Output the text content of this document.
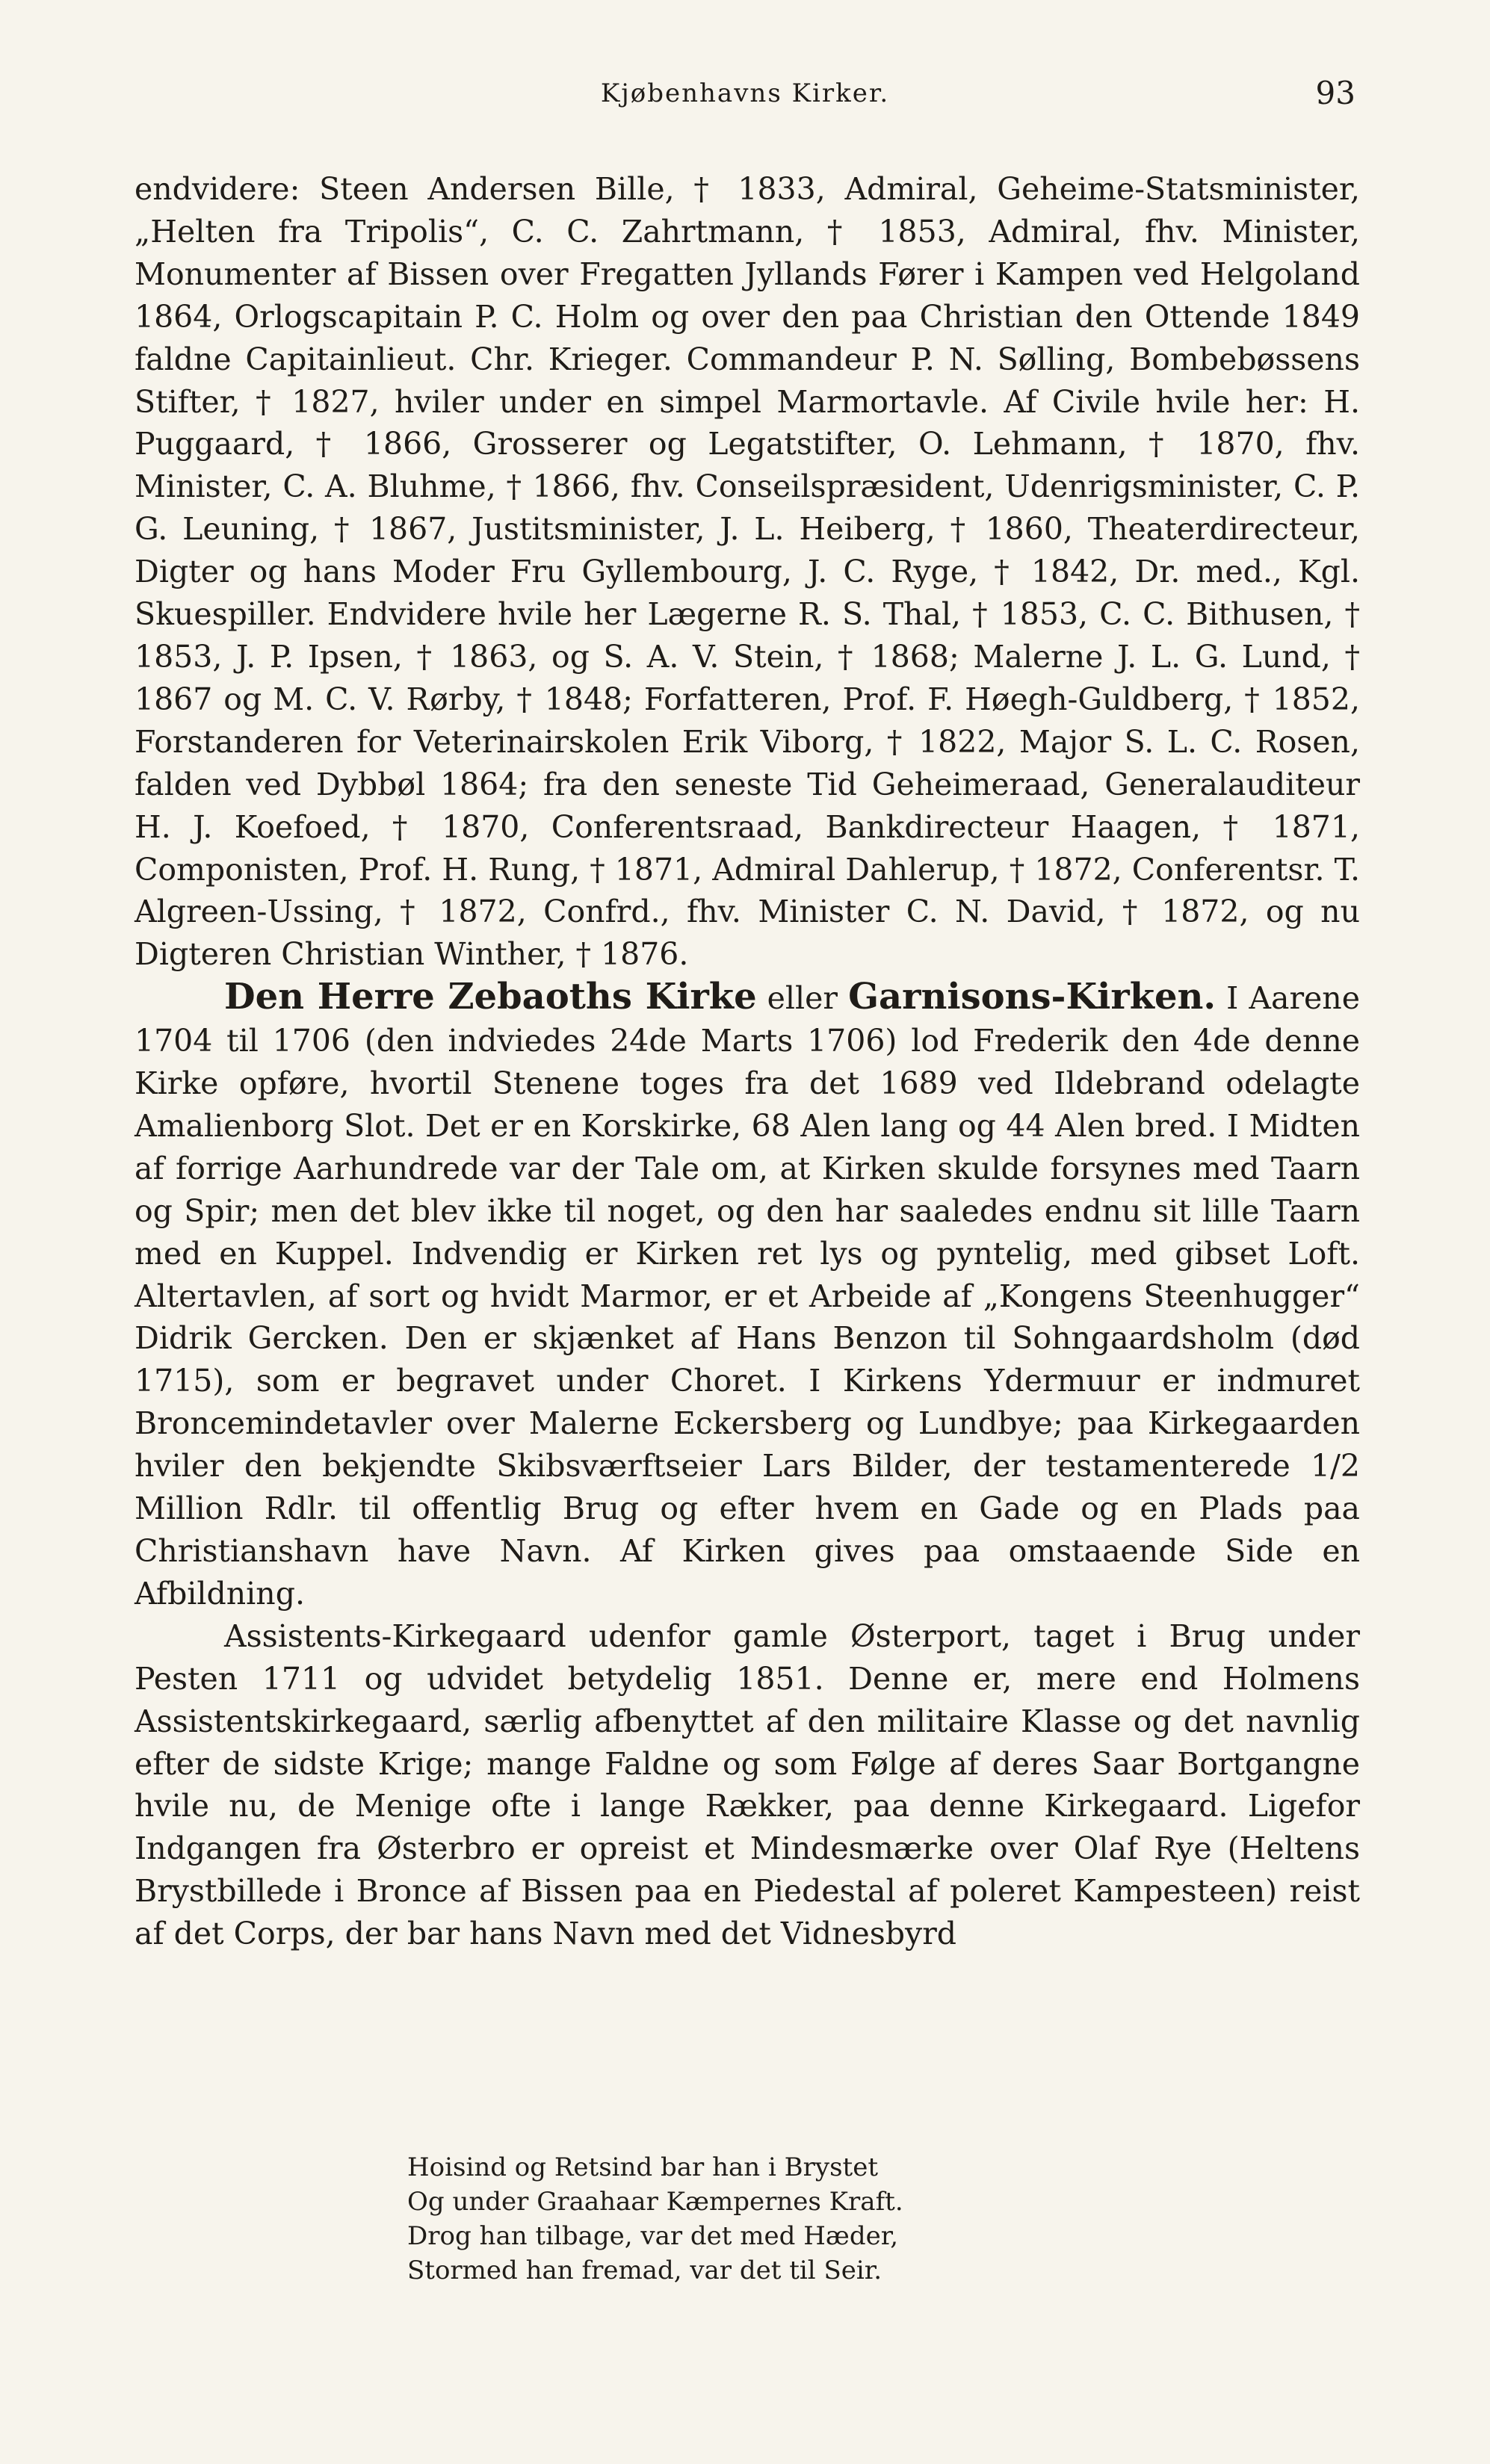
Kjøbenhavns Kirker.	93

endvidere: Steen Andersen Bille, † 1833, Admiral, Geheime-Statsminister, „Helten fra Tripolis“, C. C. Zahrtmann, † 1853, Admiral, fhv. Minister, Monumenter af Bissen over Fregatten Jyllands Fører i Kampen ved Helgoland 1864, Orlogscapitain P. C. Holm og over den paa Christian den Ottende 1849 faldne Capitainlieut. Chr. Krieger. Commandeur P. N. Sølling, Bombebøssens Stifter, † 1827, hviler under en simpel Marmortavle. Af Civile hvile her: H. Puggaard, † 1866, Grosserer og Legatstifter, O. Lehmann, † 1870, fhv. Minister, C. A. Bluhme, † 1866, fhv. Conseilspræsident, Udenrigsminister, C. P. G. Leuning, † 1867, Justitsminister, J. L. Heiberg, † 1860, Theaterdirecteur, Digter og hans Moder Fru Gyllembourg, J. C. Ryge, † 1842, Dr. med., Kgl. Skuespiller. Endvidere hvile her Lægerne R. S. Thal, † 1853, C. C. Bithusen, † 1853, J. P. Ipsen, † 1863, og S. A. V. Stein, † 1868; Malerne J. L. G. Lund, † 1867 og M. C. V. Rørby, † 1848; Forfatteren, Prof. F. Høegh-Guldberg, † 1852, Forstanderen for Veterinairskolen Erik Viborg, † 1822, Major S. L. C. Rosen, falden ved Dybbøl 1864; fra den seneste Tid Geheimeraad, Generalauditeur H. J. Koefoed, † 1870, Conferentsraad, Bankdirecteur Haagen, † 1871, Componisten, Prof. H. Rung, † 1871, Admiral Dahlerup, † 1872, Conferentsr. T. Algreen-Ussing, † 1872, Confrd., fhv. Minister C. N. David, † 1872, og nu Digteren Christian Winther, † 1876.

Den Herre Zebaoths Kirke eller Garnisons-Kirken. I Aarene 1704 til 1706 (den indviedes 24de Marts 1706) lod Frederik den 4de denne Kirke opføre, hvortil Stenene toges fra det 1689 ved Ildebrand odelagte Amalienborg Slot. Det er en Korskirke, 68 Alen lang og 44 Alen bred. I Midten af forrige Aarhundrede var der Tale om, at Kirken skulde forsynes med Taarn og Spir; men det blev ikke til noget, og den har saaledes endnu sit lille Taarn med en Kuppel. Indvendig er Kirken ret lys og pyntelig, med gibset Loft. Altertavlen, af sort og hvidt Marmor, er et Arbeide af „Kongens Steenhugger“ Didrik Gercken. Den er skjænket af Hans Benzon til Sohngaardsholm (død 1715), som er begravet under Choret. I Kirkens Ydermuur er indmuret Broncemindetavler over Malerne Eckersberg og Lundbye; paa Kirkegaarden hviler den bekjendte Skibsværftseier Lars Bilder, der testamenterede 1/2 Million Rdlr. til offentlig Brug og efter hvem en Gade og en Plads paa Christianshavn have Navn. Af Kirken gives paa omstaaende Side en Afbildning.

Assistents-Kirkegaard udenfor gamle Østerport, taget i Brug under Pesten 1711 og udvidet betydelig 1851. Denne er, mere end Holmens Assistentskirkegaard, særlig afbenyttet af den militaire Klasse og det navnlig efter de sidste Krige; mange Faldne og som Følge af deres Saar Bortgangne hvile nu, de Menige ofte i lange Rækker, paa denne Kirkegaard. Ligefor Indgangen fra Østerbro er opreist et Mindesmærke over Olaf Rye (Heltens Brystbillede i Bronce af Bissen paa en Piedestal af poleret Kampesteen) reist af det Corps, der bar hans Navn med det Vidnesbyrd

Hoisind og Retsind bar han i Brystet
Og under Graahaar Kæmpernes Kraft.
Drog han tilbage, var det med Hæder,
Stormed han fremad, var det til Seir.
